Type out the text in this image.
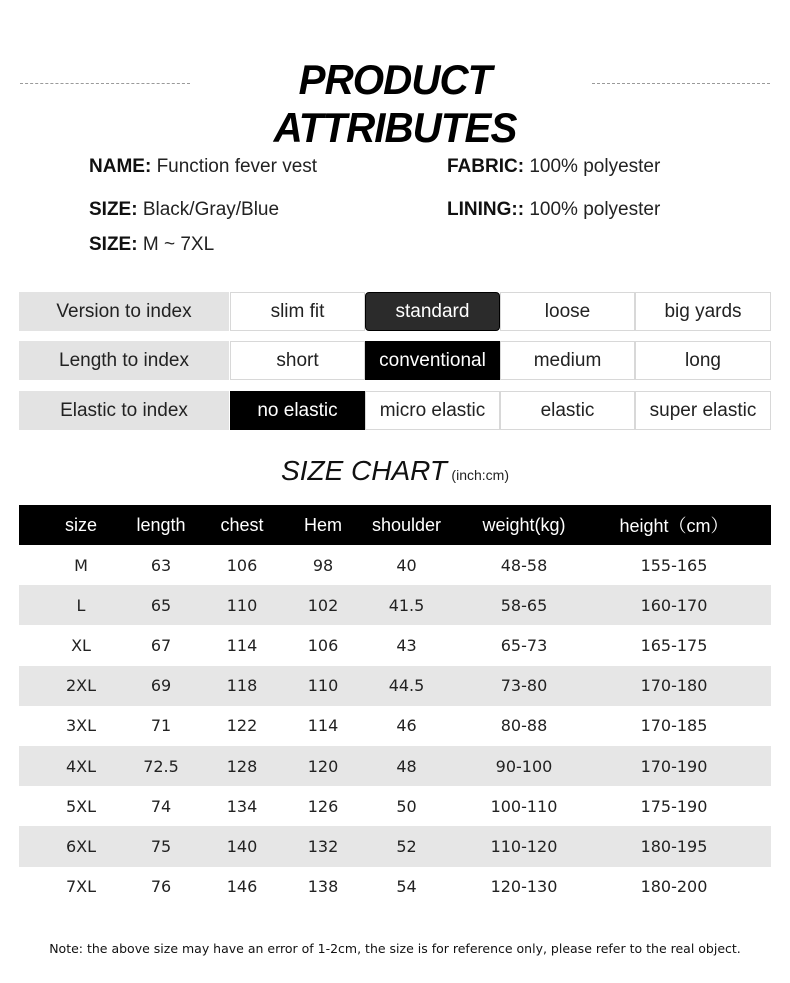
PRODUCT ATTRIBUTES
NAME: Function fever vest	FABRIC: 100% polyester
SIZE: Black/Gray/Blue	LINING:: 100% polyester
SIZE: M ~ 7XL
Version to index	slim fit	standard	loose	big yards
Length to index	short	conventional	medium	long
Elastic to index	no elastic	micro elastic	elastic	super elastic
SIZE CHART (inch:cm)
size	length	chest	Hem	shoulder	weight(kg)	height（cm）
M	63	106	98	40	48-58	155-165
L	65	110	102	41.5	58-65	160-170
XL	67	114	106	43	65-73	165-175
2XL	69	118	110	44.5	73-80	170-180
3XL	71	122	114	46	80-88	170-185
4XL	72.5	128	120	48	90-100	170-190
5XL	74	134	126	50	100-110	175-190
6XL	75	140	132	52	110-120	180-195
7XL	76	146	138	54	120-130	180-200
Note: the above size may have an error of 1-2cm, the size is for reference only, please refer to the real object.
